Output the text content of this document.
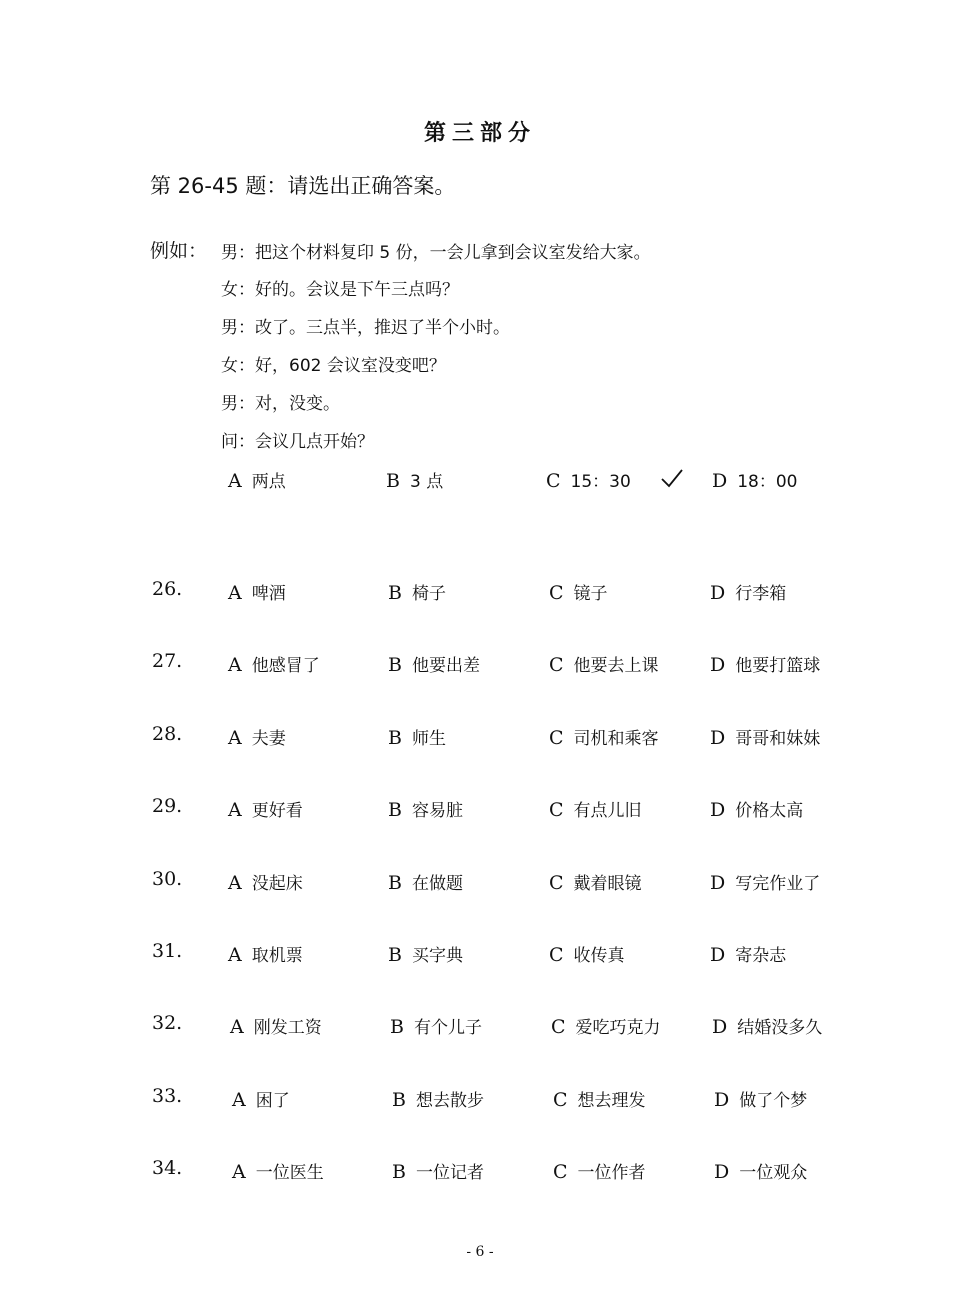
第三部分
第 26-45 题：请选出正确答案。
例如： 男：把这个材料复印 5 份，一会儿拿到会议室发给大家。
女：好的。会议是下午三点吗？
男：改了。三点半，推迟了半个小时。
女：好，602 会议室没变吧？
男：对，没变。
问：会议几点开始？
A 两点	B 3 点	C 15：30	D 18：00
26. A 啤酒	B 椅子	C 镜子	D 行李箱
27. A 他感冒了	B 他要出差	C 他要去上课	D 他要打篮球
28. A 夫妻	B 师生	C 司机和乘客	D 哥哥和妹妹
29. A 更好看	B 容易脏	C 有点儿旧	D 价格太高
30. A 没起床	B 在做题	C 戴着眼镜	D 写完作业了
31. A 取机票	B 买字典	C 收传真	D 寄杂志
32.	A 刚发工资	B 有个儿子	C 爱吃巧克力	D 结婚没多久
33.	A 困了	B 想去散步	C 想去理发	D 做了个梦
34.	A 一位医生	B 一位记者	C 一位作者	D 一位观众
- 6 -
